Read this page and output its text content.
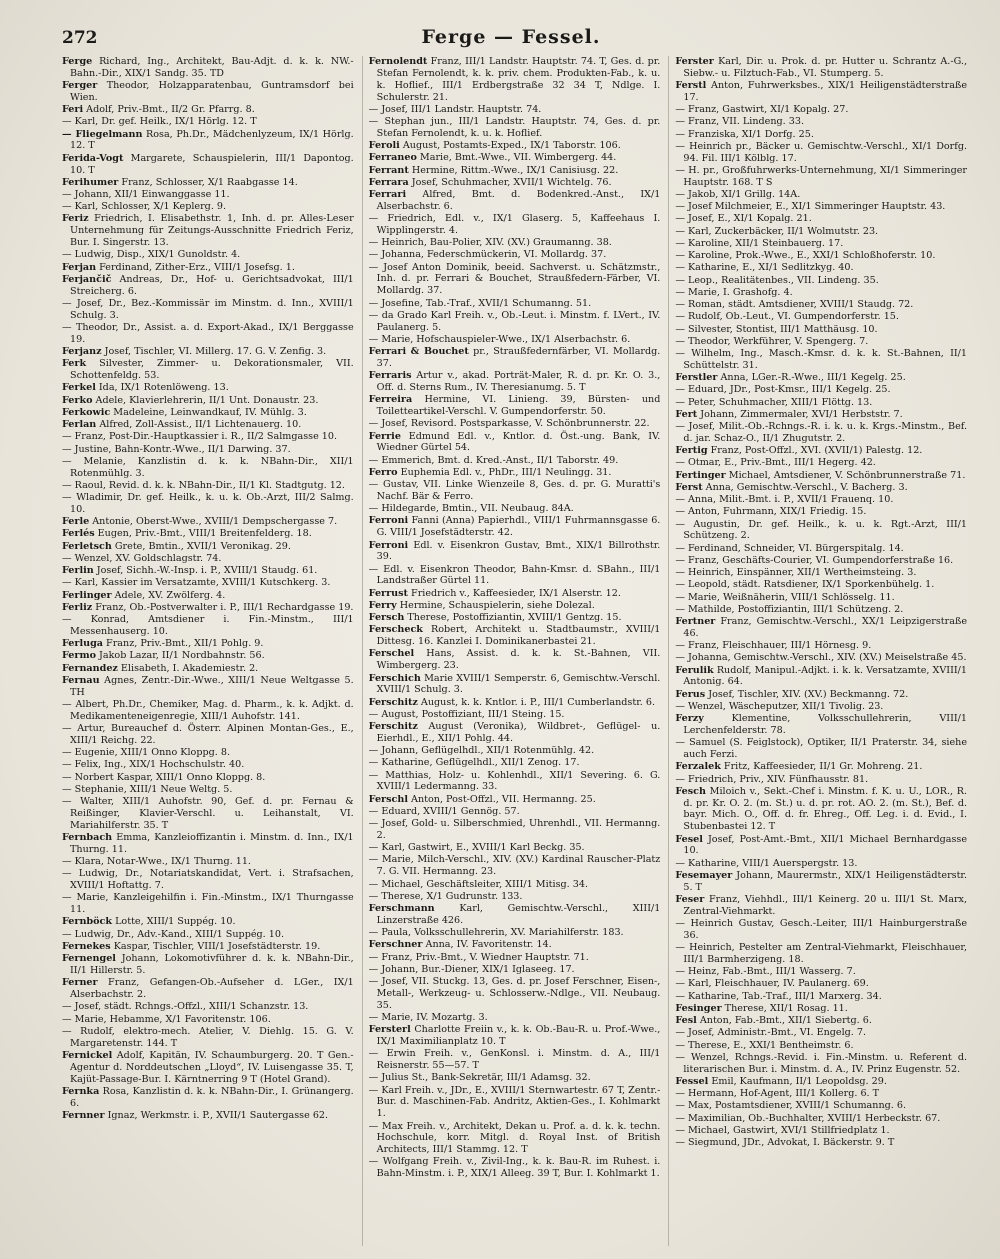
272	Ferge — Fessel.

Ferge Richard, Ing., Architekt, Bau-Adjt. d. k. k. NW.-Bahn.-Dir., XIX/1 Sandg. 35. TD

Ferger Theodor, Holzapparatenbau, Guntramsdorf bei Wien.

Feri Adolf, Priv.-Bmt., II/2 Gr. Pfarrg. 8.

— Karl, Dr. gef. Heilk., IX/1 Hörlg. 12. T

— Fliegelmann Rosa, Ph.Dr., Mädchenlyzeum, IX/1 Hörlg. 12. T

Ferida-Vogt Margarete, Schauspielerin, III/1 Dapontog. 10. T

Ferihumer Franz, Schlosser, X/1 Raabgasse 14.

— Johann, XII/1 Einwanggasse 11.

— Karl, Schlosser, X/1 Keplerg. 9.

Feriz Friedrich, I. Elisabethstr. 1, Inh. d. pr. Alles-Leser Unternehmung für Zeitungs-Ausschnitte Friedrich Feriz, Bur. I. Singerstr. 13.

— Ludwig, Disp., XIX/1 Gunoldstr. 4.

Ferjan Ferdinand, Zither-Erz., VIII/1 Josefsg. 1.

Ferjančič Andreas, Dr., Hof- u. Gerichtsadvokat, III/1 Streicherg. 6.

— Josef, Dr., Bez.-Kommissär im Minstm. d. Inn., XVIII/1 Schulg. 3.

— Theodor, Dr., Assist. a. d. Export-Akad., IX/1 Berggasse 19.

Ferjanz Josef, Tischler, VI. Millerg. 17. G. V. Zenfig. 3.

Ferk Silvester, Zimmer- u. Dekorationsmaler, VII. Schottenfeldg. 53.

Ferkel Ida, IX/1 Rotenlöweng. 13.

Ferko Adele, Klavierlehrerin, II/1 Unt. Donaustr. 23.

Ferkowic Madeleine, Leinwandkauf, IV. Mühlg. 3.

Ferlan Alfred, Zoll-Assist., II/1 Lichtenauerg. 10.

— Franz, Post-Dir.-Hauptkassier i. R., II/2 Salmgasse 10.

— Justine, Bahn-Kontr.-Wwe., II/1 Darwing. 37.

— Melanie, Kanzlistin d. k. k. NBahn-Dir., XII/1 Rotenmühlg. 3.

— Raoul, Revid. d. k. k. NBahn-Dir., II/1 Kl. Stadtgutg. 12.

— Wladimir, Dr. gef. Heilk., k. u. k. Ob.-Arzt, III/2 Salmg. 10.

Ferle Antonie, Oberst-Wwe., XVIII/1 Dempschergasse 7.

Ferlés Eugen, Priv.-Bmt., VIII/1 Breitenfelderg. 18.

Ferletsch Grete, Bmtin., XVII/1 Veronikag. 29.

— Wenzel, XV. Goldschlagstr. 74.

Ferlin Josef, Sichh.-W.-Insp. i. P., XVIII/1 Staudg. 61.

— Karl, Kassier im Versatzamte, XVIII/1 Kutschkerg. 3.

Ferlinger Adele, XV. Zwölferg. 4.

Ferliz Franz, Ob.-Postverwalter i. P., III/1 Rechardgasse 19.

— Konrad, Amtsdiener i. Fin.-Minstm., III/1 Messenhauserg. 10.

Ferluga Franz, Priv.-Bmt., XII/1 Pohlg. 9.

Fermo Jakob Lazar, II/1 Nordbahnstr. 56.

Fernandez Elisabeth, I. Akademiestr. 2.

Fernau Agnes, Zentr.-Dir.-Wwe., XIII/1 Neue Weltgasse 5. TH

— Albert, Ph.Dr., Chemiker, Mag. d. Pharm., k. k. Adjkt. d. Medikamenteneigenregie, XIII/1 Auhofstr. 141.

— Artur, Bureauchef d. Österr. Alpinen Montan-Ges., E., XIII/1 Reichg. 22.

— Eugenie, XIII/1 Onno Kloppg. 8.

— Felix, Ing., XIX/1 Hochschulstr. 40.

— Norbert Kaspar, XIII/1 Onno Kloppg. 8.

— Stephanie, XIII/1 Neue Weltg. 5.

— Walter, XIII/1 Auhofstr. 90, Gef. d. pr. Fernau & Reißinger, Klavier-Verschl. u. Leihanstalt, VI. Mariahilferstr. 35. T

Fernbach Emma, Kanzleioffizantin i. Minstm. d. Inn., IX/1 Thurng. 11.

— Klara, Notar-Wwe., IX/1 Thurng. 11.

— Ludwig, Dr., Notariatskandidat, Vert. i. Strafsachen, XVIII/1 Hoftattg. 7.

— Marie, Kanzleigehilfin i. Fin.-Minstm., IX/1 Thurngasse 11.

Fernböck Lotte, XIII/1 Suppég. 10.

— Ludwig, Dr., Adv.-Kand., XIII/1 Suppég. 10.

Fernekes Kaspar, Tischler, VIII/1 Josefstädterstr. 19.

Fernengel Johann, Lokomotivführer d. k. k. NBahn-Dir., II/1 Hillerstr. 5.

Ferner Franz, Gefangen-Ob.-Aufseher d. LGer., IX/1 Alserbachstr. 2.

— Josef, städt. Rchngs.-Offzl., XIII/1 Schanzstr. 13.

— Marie, Hebamme, X/1 Favoritenstr. 106.

— Rudolf, elektro-mech. Atelier, V. Diehlg. 15. G. V. Margaretenstr. 144. T

Fernickel Adolf, Kapitän, IV. Schaumburgerg. 20. T Gen.-Agentur d. Norddeutschen „Lloyd“, IV. Luisengasse 35. T, Kajüt-Passage-Bur. I. Kärntnerring 9 T (Hotel Grand).

Fernka Rosa, Kanzlistin d. k. k. NBahn-Dir., I. Grünangerg. 6.

Fernner Ignaz, Werkmstr. i. P., XVII/1 Sautergasse 62.

Fernolendt Franz, III/1 Landstr. Hauptstr. 74. T, Ges. d. pr. Stefan Fernolendt, k. k. priv. chem. Produkten-Fab., k. u. k. Hoflief., III/1 Erdbergstraße 32 34 T, Ndlge. I. Schulerstr. 21.

— Josef, III/1 Landstr. Hauptstr. 74.

— Stephan jun., III/1 Landstr. Hauptstr. 74, Ges. d. pr. Stefan Fernolendt, k. u. k. Hoflief.

Feroli August, Postamts-Exped., IX/1 Taborstr. 106.

Ferraneo Marie, Bmt.-Wwe., VII. Wimbergerg. 44.

Ferrant Hermine, Rittm.-Wwe., IX/1 Canisiusg. 22.

Ferrara Josef, Schuhmacher, XVII/1 Wichtelg. 76.

Ferrari Alfred, Bmt. d. Bodenkred.-Anst., IX/1 Alserbachstr. 6.

— Friedrich, Edl. v., IX/1 Glaserg. 5, Kaffeehaus I. Wipplingerstr. 4.

— Heinrich, Bau-Polier, XIV. (XV.) Graumanng. 38.

— Johanna, Federschmückerin, VI. Mollardg. 37.

— Josef Anton Dominik, beeid. Sachverst. u. Schätzmstr., Inh. d. pr. Ferrari & Bouchet, Straußfedern-Färber, VI. Mollardg. 37.

— Josefine, Tab.-Traf., XVII/1 Schumanng. 51.

— da Grado Karl Freih. v., Ob.-Leut. i. Minstm. f. LVert., IV. Paulanerg. 5.

— Marie, Hofschauspieler-Wwe., IX/1 Alserbachstr. 6.

Ferrari & Bouchet pr., Straußfedernfärber, VI. Mollardg. 37.

Ferraris Artur v., akad. Porträt-Maler, R. d. pr. Kr. O. 3., Off. d. Sterns Rum., IV. Theresianumg. 5. T

Ferreira Hermine, VI. Linieng. 39, Bürsten- und Toiletteartikel-Verschl. V. Gumpendorferstr. 50.

— Josef, Revisord. Postsparkasse, V. Schönbrunnerstr. 22.

Ferrie Edmund Edl. v., Kntlor. d. Öst.-ung. Bank, IV. Wiedner Gürtel 54.

— Emmerich, Bmt. d. Kred.-Anst., II/1 Taborstr. 49.

Ferro Euphemia Edl. v., PhDr., III/1 Neulingg. 31.

— Gustav, VII. Linke Wienzeile 8, Ges. d. pr. G. Muratti's Nachf. Bär & Ferro.

— Hildegarde, Bmtin., VII. Neubaug. 84A.

Ferroni Fanni (Anna) Papierhdl., VIII/1 Fuhrmannsgasse 6. G. VIII/1 Josefstädterstr. 42.

Ferroni Edl. v. Eisenkron Gustav, Bmt., XIX/1 Billrothstr. 39.

— Edl. v. Eisenkron Theodor, Bahn-Kmsr. d. SBahn., III/1 Landstraßer Gürtel 11.

Ferrust Friedrich v., Kaffeesieder, IX/1 Alserstr. 12.

Ferry Hermine, Schauspielerin, siehe Dolezal.

Fersch Therese, Postoffiziantin, XVIII/1 Gentzg. 15.

Ferscheck Robert, Architekt u. Stadtbaumstr., XVIII/1 Dittesg. 16. Kanzlei I. Dominikanerbastei 21.

Ferschel Hans, Assist. d. k. k. St.-Bahnen, VII. Wimbergerg. 23.

Ferschich Marie XVIII/1 Semperstr. 6, Gemischtw.-Verschl. XVIII/1 Schulg. 3.

Ferschitz August, k. k. Kntlor. i. P., III/1 Cumberlandstr. 6.

— August, Postoffiziant, III/1 Steing. 15.

Ferschitz August (Veronika), Wildbret-, Geflügel- u. Eierhdl., E., XII/1 Pohlg. 44.

— Johann, Geflügelhdl., XII/1 Rotenmühlg. 42.

— Katharine, Geflügelhdl., XII/1 Zenog. 17.

— Matthias, Holz- u. Kohlenhdl., XII/1 Severing. 6. G. XVIII/1 Ledermanng. 33.

Ferschl Anton, Post-Offzl., VII. Hermanng. 25.

— Eduard, XVIII/1 Gennög. 57.

— Josef, Gold- u. Silberschmied, Uhrenhdl., VII. Hermanng. 2.

— Karl, Gastwirt, E., XVIII/1 Karl Beckg. 35.

— Marie, Milch-Verschl., XIV. (XV.) Kardinal Rauscher-Platz 7. G. VII. Hermanng. 23.

— Michael, Geschäftsleiter, XIII/1 Mitisg. 34.

— Therese, X/1 Gudrunstr. 133.

Ferschmann Karl, Gemischtw.-Verschl., XIII/1 Linzerstraße 426.

— Paula, Volksschullehrerin, XV. Mariahilferstr. 183.

Ferschner Anna, IV. Favoritenstr. 14.

— Franz, Priv.-Bmt., V. Wiedner Hauptstr. 71.

— Johann, Bur.-Diener, XIX/1 Iglaseeg. 17.

— Josef, VII. Stuckg. 13, Ges. d. pr. Josef Ferschner, Eisen-, Metall-, Werkzeug- u. Schlosserw.-Ndlge., VII. Neubaug. 35.

— Marie, IV. Mozartg. 3.

Fersterl Charlotte Freiin v., k. k. Ob.-Bau-R. u. Prof.-Wwe., IX/1 Maximilianplatz 10. T

— Erwin Freih. v., GenKonsl. i. Minstm. d. A., III/1 Reisnerstr. 55—57. T

— Julius St., Bank-Sekretär, III/1 Adamsg. 32.

— Karl Freih. v., JDr., E., XVIII/1 Sternwartestr. 67 T, Zentr.-Bur. d. Maschinen-Fab. Andritz, Aktien-Ges., I. Kohlmarkt 1.

— Max Freih. v., Architekt, Dekan u. Prof. a. d. k. k. techn. Hochschule, korr. Mitgl. d. Royal Inst. of British Architects, III/1 Stammg. 12. T

— Wolfgang Freih. v., Zivil-Ing., k. k. Bau-R. im Ruhest. i. Bahn-Minstm. i. P., XIX/1 Alleeg. 39 T, Bur. I. Kohlmarkt 1.

Ferster Karl, Dir. u. Prok. d. pr. Hutter u. Schrantz A.-G., Siebw.- u. Filztuch-Fab., VI. Stumperg. 5.

Ferstl Anton, Fuhrwerksbes., XIX/1 Heiligenstädterstraße 17.

— Franz, Gastwirt, XI/1 Kopalg. 27.

— Franz, VII. Lindeng. 33.

— Franziska, XI/1 Dorfg. 25.

— Heinrich pr., Bäcker u. Gemischtw.-Verschl., XI/1 Dorfg. 94. Fil. III/1 Kölblg. 17.

— H. pr., Großfuhrwerks-Unternehmung, XI/1 Simmeringer Hauptstr. 168. T S

— Jakob, XI/1 Grillg. 14A.

— Josef Milchmeier, E., XI/1 Simmeringer Hauptstr. 43.

— Josef, E., XI/1 Kopalg. 21.

— Karl, Zuckerbäcker, II/1 Wolmutstr. 23.

— Karoline, XII/1 Steinbauerg. 17.

— Karoline, Prok.-Wwe., E., XXI/1 Schloßhoferstr. 10.

— Katharine, E., XI/1 Sedlitzkyg. 40.

— Leop., Realitätenbes., VII. Lindeng. 35.

— Marie, I. Grashofg. 4.

— Roman, städt. Amtsdiener, XVIII/1 Staudg. 72.

— Rudolf, Ob.-Leut., VI. Gumpendorferstr. 15.

— Silvester, Stontist, III/1 Matthäusg. 10.

— Theodor, Werkführer, V. Spengerg. 7.

— Wilhelm, Ing., Masch.-Kmsr. d. k. k. St.-Bahnen, II/1 Schüttelstr. 31.

Ferstler Anna, LGer.-R.-Wwe., III/1 Kegelg. 25.

— Eduard, JDr., Post-Kmsr., III/1 Kegelg. 25.

— Peter, Schuhmacher, XIII/1 Flöttg. 13.

Fert Johann, Zimmermaler, XVI/1 Herbststr. 7.

— Josef, Milit.-Ob.-Rchngs.-R. i. k. u. k. Krgs.-Minstm., Bef. d. jar. Schaz-O., II/1 Zhugutstr. 2.

Fertig Franz, Post-Offzl., XVI. (XVII/1) Palestg. 12.

— Otmar, E., Priv.-Bmt., III/1 Hegerg. 42.

Fertinger Michael, Amtsdiener, V. Schönbrunnerstraße 71.

Ferst Anna, Gemischtw.-Verschl., V. Bacherg. 3.

— Anna, Milit.-Bmt. i. P., XVII/1 Frauenq. 10.

— Anton, Fuhrmann, XIX/1 Friedig. 15.

— Augustin, Dr. gef. Heilk., k. u. k. Rgt.-Arzt, III/1 Schützeng. 2.

— Ferdinand, Schneider, VI. Bürgerspitalg. 14.

— Franz, Geschäfts-Courier, VI. Gumpendorferstraße 16.

— Heinrich, Einspänner, XII/1 Wertheimsteing. 3.

— Leopold, städt. Ratsdiener, IX/1 Sporkenbühelg. 1.

— Marie, Weißnäherin, VIII/1 Schlösselg. 11.

— Mathilde, Postoffiziantin, III/1 Schützeng. 2.

Fertner Franz, Gemischtw.-Verschl., XX/1 Leipzigerstraße 46.

— Franz, Fleischhauer, III/1 Hörnesg. 9.

— Johanna, Gemischtw.-Verschl., XIV. (XV.) Meiselstraße 45.

Ferulik Rudolf, Manipul.-Adjkt. i. k. k. Versatzamte, XVIII/1 Antonig. 64.

Ferus Josef, Tischler, XIV. (XV.) Beckmanng. 72.

— Wenzel, Wäscheputzer, XII/1 Tivolig. 23.

Ferzy Klementine, Volksschullehrerin, VIII/1 Lerchenfelderstr. 78.

— Samuel (S. Feiglstock), Optiker, II/1 Praterstr. 34, siehe auch Ferzi.

Ferzalek Fritz, Kaffeesieder, II/1 Gr. Mohreng. 21.

— Friedrich, Priv., XIV. Fünfhausstr. 81.

Fesch Miloich v., Sekt.-Chef i. Minstm. f. K. u. U., LOR., R. d. pr. Kr. O. 2. (m. St.) u. d. pr. rot. AO. 2. (m. St.), Bef. d. bayr. Mich. O., Off. d. fr. Ehreg., Off. Leg. i. d. Evid., I. Stubenbastei 12. T

Fesel Josef, Post-Amt.-Bmt., XII/1 Michael Bernhardgasse 10.

— Katharine, VIII/1 Auerspergstr. 13.

Fesemayer Johann, Maurermstr., XIX/1 Heiligenstädterstr. 5. T

Feser Franz, Viehhdl., III/1 Keinerg. 20 u. III/1 St. Marx, Zentral-Viehmarkt.

— Heinrich Gustav, Gesch.-Leiter, III/1 Hainburgerstraße 36.

— Heinrich, Pestelter am Zentral-Viehmarkt, Fleischhauer, III/1 Barmherzigeng. 18.

— Heinz, Fab.-Bmt., III/1 Wasserg. 7.

— Karl, Fleischhauer, IV. Paulanerg. 69.

— Katharine, Tab.-Traf., III/1 Marxerg. 34.

Fesinger Therese, XII/1 Rosag. 11.

Fesl Anton, Fab.-Bmt., XII/1 Siebertg. 6.

— Josef, Administr.-Bmt., VI. Engelg. 7.

— Therese, E., XXI/1 Bentheimstr. 6.

— Wenzel, Rchngs.-Revid. i. Fin.-Minstm. u. Referent d. literarischen Bur. i. Minstm. d. A., IV. Prinz Eugenstr. 52.

Fessel Emil, Kaufmann, II/1 Leopoldsg. 29.

— Hermann, Hof-Agent, III/1 Kollerg. 6. T

— Max, Postamtsdiener, XVIII/1 Schumanng. 6.

— Maximilian, Ob.-Buchhalter, XVIII/1 Herbeckstr. 67.

— Michael, Gastwirt, XVI/1 Stillfriedplatz 1.

— Siegmund, JDr., Advokat, I. Bäckerstr. 9. T
